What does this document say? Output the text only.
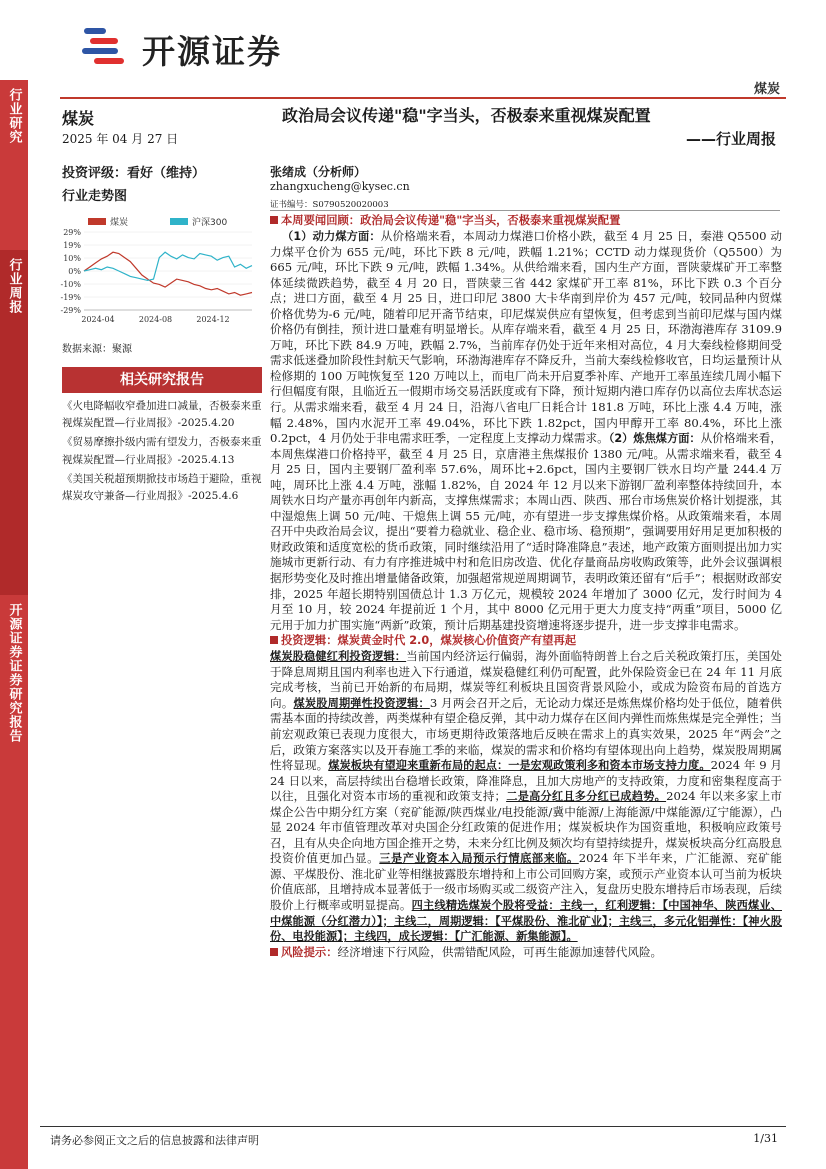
开源证券
煤炭
行业研究
行业周报
开源证券证券研究报告
煤炭
2025 年 04 月 27 日
投资评级：看好（维持）
行业走势图
煤炭	沪深300
29%
19%
10%
0%
-10%
-19%
-29%
2024-04	2024-08	2024-12
数据来源：聚源
相关研究报告
《火电降幅收窄叠加进口减量，否极泰来重视煤炭配置—行业周报》-2025.4.20
《贸易摩擦扑级内需有望发力，否极泰来重视煤炭配置—行业周报》-2025.4.13
《美国关税超预期掀技市场趋于避险，重视煤炭攻守兼备—行业周报》-2025.4.6
政治局会议传递"稳"字当头，否极泰来重视煤炭配置
——行业周报
张绪成（分析师）
zhangxucheng@kysec.cn
证书编号：S0790520020003
本周要闻回顾：政治局会议传递"稳"字当头，否极泰来重视煤炭配置

（1）动力煤方面：从价格端来看，本周动力煤港口价格小跌，截至 4 月 25 日，秦港 Q5500 动力煤平仓价为 655 元/吨，环比下跌 8 元/吨，跌幅 1.21%；CCTD 动力煤现货价（Q5500）为 665 元/吨，环比下跌 9 元/吨，跌幅 1.34%。从供给端来看，国内生产方面，晋陕蒙煤矿开工率整体延续微跌趋势，截至 4 月 20 日，晋陕蒙三省 442 家煤矿开工率 81%，环比下跌 0.3 个百分点；进口方面，截至 4 月 25 日，进口印尼 3800 大卡华南到岸价为 457 元/吨，较同品种内贸煤价格优势为-6 元/吨，随着印尼开斋节结束，印尼煤炭供应有望恢复，但考虑到当前印尼煤与国内煤价格仍有倒挂，预计进口量难有明显增长。从库存端来看，截至 4 月 25 日，环渤海港库存 3109.9 万吨，环比下跌 84.9 万吨，跌幅 2.7%，当前库存仍处于近年来相对高位，4 月大秦线检修期间受需求低迷叠加阶段性封航天气影响，环渤海港库存不降反升，当前大秦线检修收官，日均运量预计从检修期的 100 万吨恢复至 120 万吨以上，而电厂尚未开启夏季补库、产地开工率虽连续几周小幅下行但幅度有限，且临近五一假期市场交易活跃度或有下降，预计短期内港口库存仍以高位去库状态运行。从需求端来看，截至 4 月 24 日，沿海八省电厂日耗合计 181.8 万吨，环比上涨 4.4 万吨，涨幅 2.48%，国内水泥开工率 49.04%，环比下跌 1.82pct，国内甲醇开工率 80.4%，环比上涨 0.2pct，4 月仍处于非电需求旺季，一定程度上支撑动力煤需求。（2）炼焦煤方面：从价格端来看，本周焦煤港口价格持平，截至 4 月 25 日，京唐港主焦煤报价 1380 元/吨。从需求端来看，截至 4 月 25 日，国内主要钢厂盈利率 57.6%，周环比+2.6pct，国内主要钢厂铁水日均产量 244.4 万吨，周环比上涨 4.4 万吨，涨幅 1.82%，自 2024 年 12 月以来下游钢厂盈利率整体持续回升，本周铁水日均产量亦再创年内新高，支撑焦煤需求；本周山西、陕西、邢台市场焦炭价格计划提涨，其中湿熄焦上调 50 元/吨、干熄焦上调 55 元/吨，亦有望进一步支撑焦煤价格。从政策端来看，本周召开中央政治局会议，提出“要着力稳就业、稳企业、稳市场、稳预期”，强调要用好用足更加积极的财政政策和适度宽松的货币政策，同时继续沿用了“适时降准降息”表述，地产政策方面则提出加力实施城市更新行动、有力有序推进城中村和危旧房改造、优化存量商品房收购政策等，此外会议强调根据形势变化及时推出增量储备政策，加强超常规逆周期调节，表明政策还留有“后手”；根据财政部安排，2025 年超长期特别国债总计 1.3 万亿元，规模较 2024 年增加了 3000 亿元，发行时间为 4 月至 10 月，较 2024 年提前近 1 个月，其中 8000 亿元用于更大力度支持“两重”项目，5000 亿元用于加力扩围实施“两新”政策，预计后期基建投资增速将逐步提升，进一步支撑非电需求。

投资逻辑：煤炭黄金时代 2.0，煤炭核心价值资产有望再起

煤炭股稳健红利投资逻辑：当前国内经济运行偏弱，海外面临特朗普上台之后关税政策打压，美国处于降息周期且国内利率也进入下行通道，煤炭稳健红利仍可配置，此外保险资金已在 24 年 11 月底完成考核，当前已开始新的布局期，煤炭等红利板块且国资背景风险小，或成为险资布局的首选方向。煤炭股周期弹性投资逻辑：3 月两会召开之后，无论动力煤还是炼焦煤价格均处于低位，随着供需基本面的持续改善，两类煤种有望企稳反弹，其中动力煤存在区间内弹性而炼焦煤是完全弹性；当前宏观政策已表现力度很大，市场更期待政策落地后反映在需求上的真实效果，2025 年“两会”之后，政策方案落实以及开春施工季的来临，煤炭的需求和价格均有望体现出向上趋势，煤炭股周期属性将显现。煤炭板块有望迎来重新布局的起点：一是宏观政策利多和资本市场支持力度。2024 年 9 月 24 日以来，高层持续出台稳增长政策，降准降息，且加大房地产的支持政策，力度和密集程度高于以往，且强化对资本市场的重视和政策支持；二是高分红且多分红已成趋势。2024 年以来多家上市煤企公告中期分红方案（兖矿能源/陕西煤业/电投能源/冀中能源/上海能源/中煤能源/辽宁能源），凸显 2024 年市值管理改革对央国企分红政策的促进作用；煤炭板块作为国资重地，积极响应政策号召，且有从央企向地方国企推开之势，未来分红比例及频次均有望持续提升，煤炭板块高分红高股息投资价值更加凸显。三是产业资本入局预示行情底部来临。2024 年下半年来，广汇能源、兖矿能源、平煤股份、淮北矿业等相继披露股东增持和上市公司回购方案，或预示产业资本认可当前为板块价值底部，且增持成本显著低于一级市场购买或二级资产注入，复盘历史股东增持后市场表现，后续股价上行概率或明显提高。四主线精选煤炭个股将受益：主线一，红利逻辑：【中国神华、陕西煤业、中煤能源（分红潜力）】；主线二，周期逻辑：【平煤股份、淮北矿业】；主线三，多元化铝弹性：【神火股份、电投能源】；主线四，成长逻辑：【广汇能源、新集能源】。

风险提示：经济增速下行风险，供需错配风险，可再生能源加速替代风险。
请务必参阅正文之后的信息披露和法律声明	1/31
